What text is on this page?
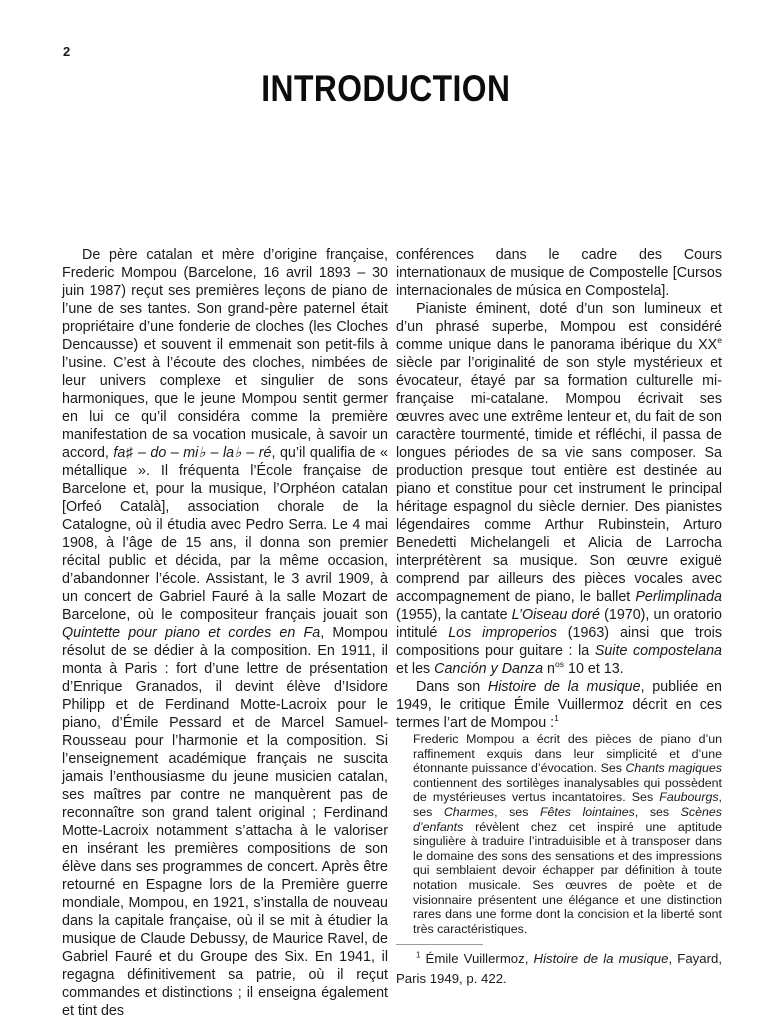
2
INTRODUCTION

De père catalan et mère d’origine française, Frederic Mompou (Barcelone, 16 avril 1893 – 30 juin 1987) reçut ses premières leçons de piano de l’une de ses tantes. Son grand-père paternel était propriétaire d’une fonderie de cloches (les Cloches Dencausse) et souvent il emmenait son petit-fils à l’usine. C’est à l’écoute des cloches, nimbées de leur univers complexe et singulier de sons harmoniques, que le jeune Mompou sentit germer en lui ce qu’il considéra comme la première manifestation de sa vocation musicale, à savoir un accord, fa♯ – do – mi♭ – la♭ – ré, qu’il qualifia de « métallique ». Il fréquenta l’École française de Barcelone et, pour la musique, l’Orphéon catalan [Orfeó Català], association chorale de la Catalogne, où il étudia avec Pedro Serra. Le 4 mai 1908, à l’âge de 15 ans, il donna son premier récital public et décida, par la même occasion, d’abandonner l’école. Assistant, le 3 avril 1909, à un concert de Gabriel Fauré à la salle Mozart de Barcelone, où le compositeur français jouait son Quintette pour piano et cordes en Fa, Mompou résolut de se dédier à la composition. En 1911, il monta à Paris : fort d’une lettre de présentation d’Enrique Granados, il devint élève d’Isidore Philipp et de Ferdinand Motte-Lacroix pour le piano, d’Émile Pessard et de Marcel Samuel-Rousseau pour l’harmonie et la composition. Si l’enseignement académique français ne suscita jamais l’enthousiasme du jeune musicien catalan, ses maîtres par contre ne manquèrent pas de reconnaître son grand talent original ; Ferdinand Motte-Lacroix notamment s’attacha à le valoriser en insérant les premières compositions de son élève dans ses programmes de concert. Après être retourné en Espagne lors de la Première guerre mondiale, Mompou, en 1921, s’installa de nouveau dans la capitale française, où il se mit à étudier la musique de Claude Debussy, de Maurice Ravel, de Gabriel Fauré et du Groupe des Six. En 1941, il regagna définitivement sa patrie, où il reçut commandes et distinctions ; il enseigna également et tint des

conférences dans le cadre des Cours internationaux de musique de Compostelle [Cursos internacionales de música en Compostela].

Pianiste éminent, doté d’un son lumineux et d’un phrasé superbe, Mompou est considéré comme unique dans le panorama ibérique du XXe siècle par l’originalité de son style mystérieux et évocateur, étayé par sa formation culturelle mi-française mi-catalane. Mompou écrivait ses œuvres avec une extrême lenteur et, du fait de son caractère tourmenté, timide et réfléchi, il passa de longues périodes de sa vie sans composer. Sa production presque tout entière est destinée au piano et constitue pour cet instrument le principal héritage espagnol du siècle dernier. Des pianistes légendaires comme Arthur Rubinstein, Arturo Benedetti Michelangeli et Alicia de Larrocha interprétèrent sa musique. Son œuvre exiguë comprend par ailleurs des pièces vocales avec accompagnement de piano, le ballet Perlimplinada (1955), la cantate L’Oiseau doré (1970), un oratorio intitulé Los improperios (1963) ainsi que trois compositions pour guitare : la Suite compostelana et les Canción y Danza $n^{os}$ 10 et 13.

Dans son Histoire de la musique, publiée en 1949, le critique Émile Vuillermoz décrit en ces termes l’art de Mompou :$^1$

Frederic Mompou a écrit des pièces de piano d’un raffinement exquis dans leur simplicité et d’une étonnante puissance d’évocation. Ses Chants magiques contiennent des sortilèges inanalysables qui possèdent de mystérieuses vertus incantatoires. Ses Faubourgs, ses Charmes, ses Fêtes lointaines, ses Scènes d’enfants révèlent chez cet inspiré une aptitude singulière à traduire l’intraduisible et à transposer dans le domaine des sons des sensations et des impressions qui semblaient devoir échapper par définition à toute notation musicale. Ses œuvres de poète et de visionnaire présentent une élégance et une distinction rares dans une forme dont la concision et la liberté sont très caractéristiques.

$^1$ Émile Vuillermoz, Histoire de la musique, Fayard, Paris 1949, p. 422.
